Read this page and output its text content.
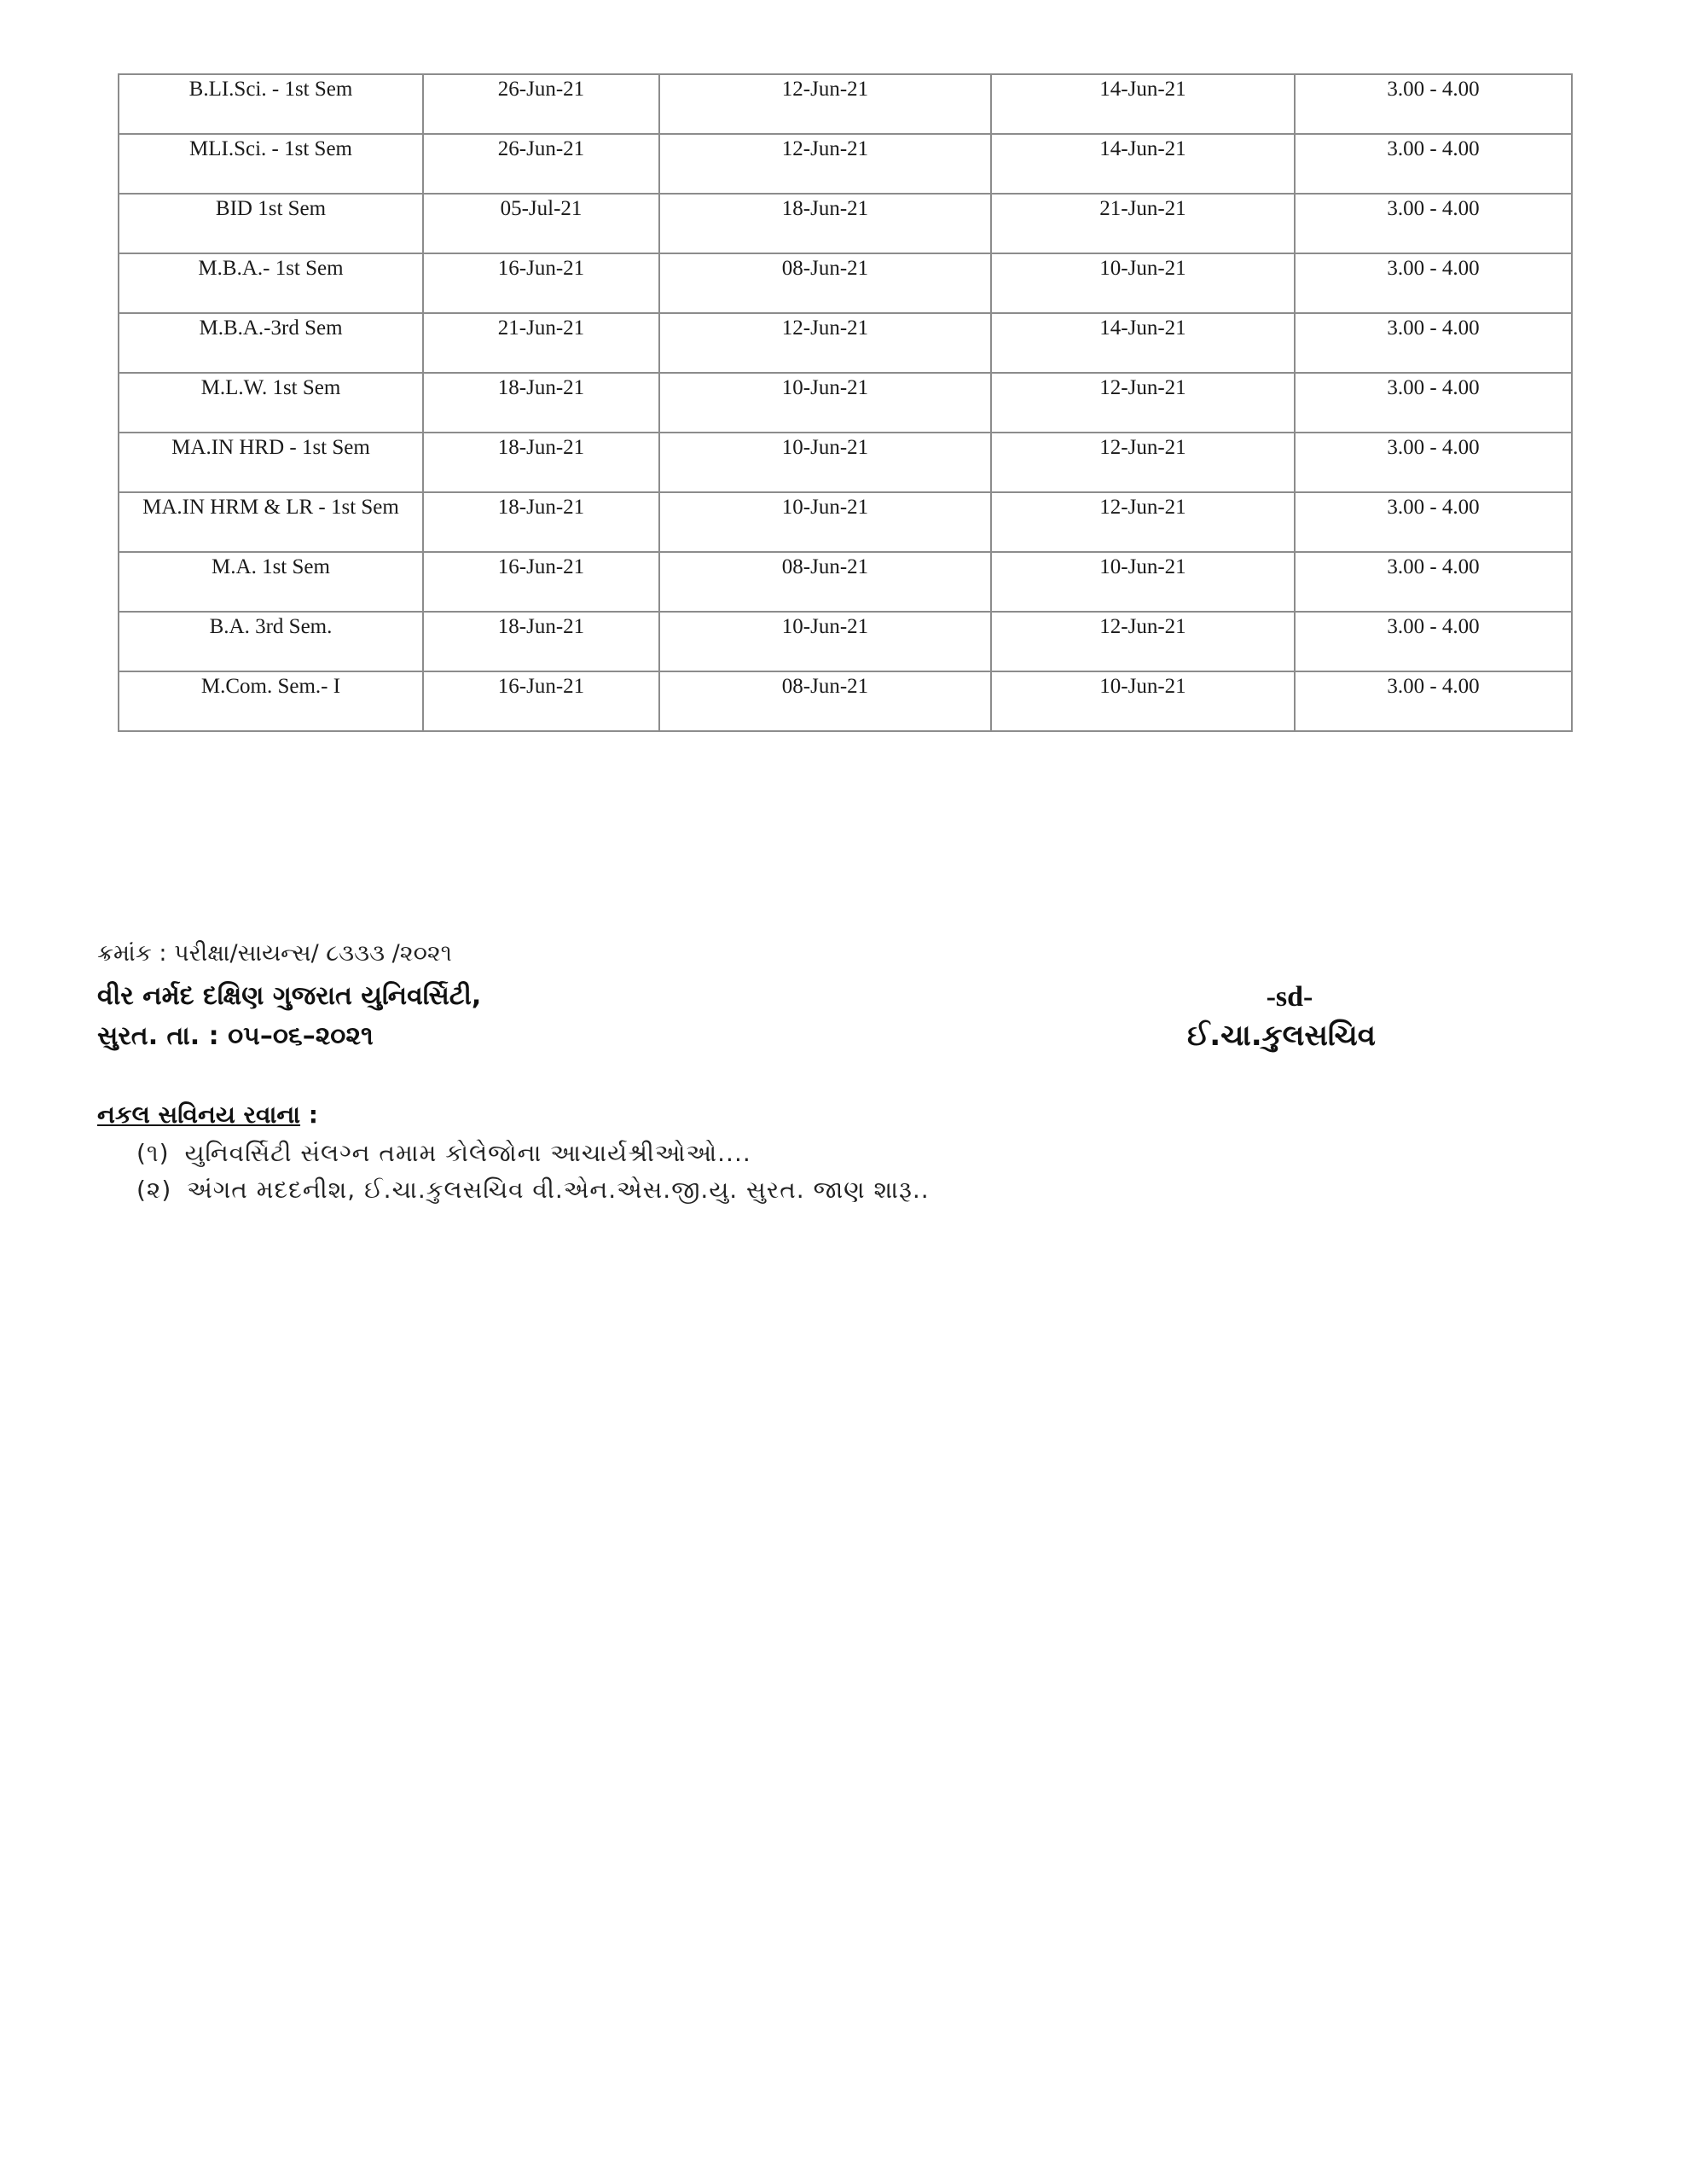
B.LI.Sci. - 1st Sem	26-Jun-21	12-Jun-21	14-Jun-21	3.00 - 4.00
MLI.Sci. - 1st Sem	26-Jun-21	12-Jun-21	14-Jun-21	3.00 - 4.00
BID 1st Sem	05-Jul-21	18-Jun-21	21-Jun-21	3.00 - 4.00
M.B.A.- 1st Sem	16-Jun-21	08-Jun-21	10-Jun-21	3.00 - 4.00
M.B.A.-3rd Sem	21-Jun-21	12-Jun-21	14-Jun-21	3.00 - 4.00
M.L.W. 1st Sem	18-Jun-21	10-Jun-21	12-Jun-21	3.00 - 4.00
MA.IN HRD - 1st Sem	18-Jun-21	10-Jun-21	12-Jun-21	3.00 - 4.00
MA.IN HRM & LR - 1st Sem	18-Jun-21	10-Jun-21	12-Jun-21	3.00 - 4.00
M.A. 1st Sem	16-Jun-21	08-Jun-21	10-Jun-21	3.00 - 4.00
B.A. 3rd Sem.	18-Jun-21	10-Jun-21	12-Jun-21	3.00 - 4.00
M.Com. Sem.- I	16-Jun-21	08-Jun-21	10-Jun-21	3.00 - 4.00
ક્રમાંક : પરીક્ષા/સાયન્સ/ ૮૩૩૩ /૨૦૨૧
વીર નર્મદ દક્ષિણ ગુજરાત યુનિવર્સિટી,
સુરત. તા. : ૦૫–૦૬–૨૦૨૧
-sd-
ઈ.ચા.કુલસચિવ
નકલ સવિનય રવાના :
(૧) યુનિવર્સિટી સંલગ્ન તમામ કોલેજોના આચાર્યશ્રીઓઓ....
(૨) અંગત મદદનીશ, ઈ.ચા.કુલસચિવ વી.એન.એસ.જી.યુ. સુરત. જાણ શારૂ..
